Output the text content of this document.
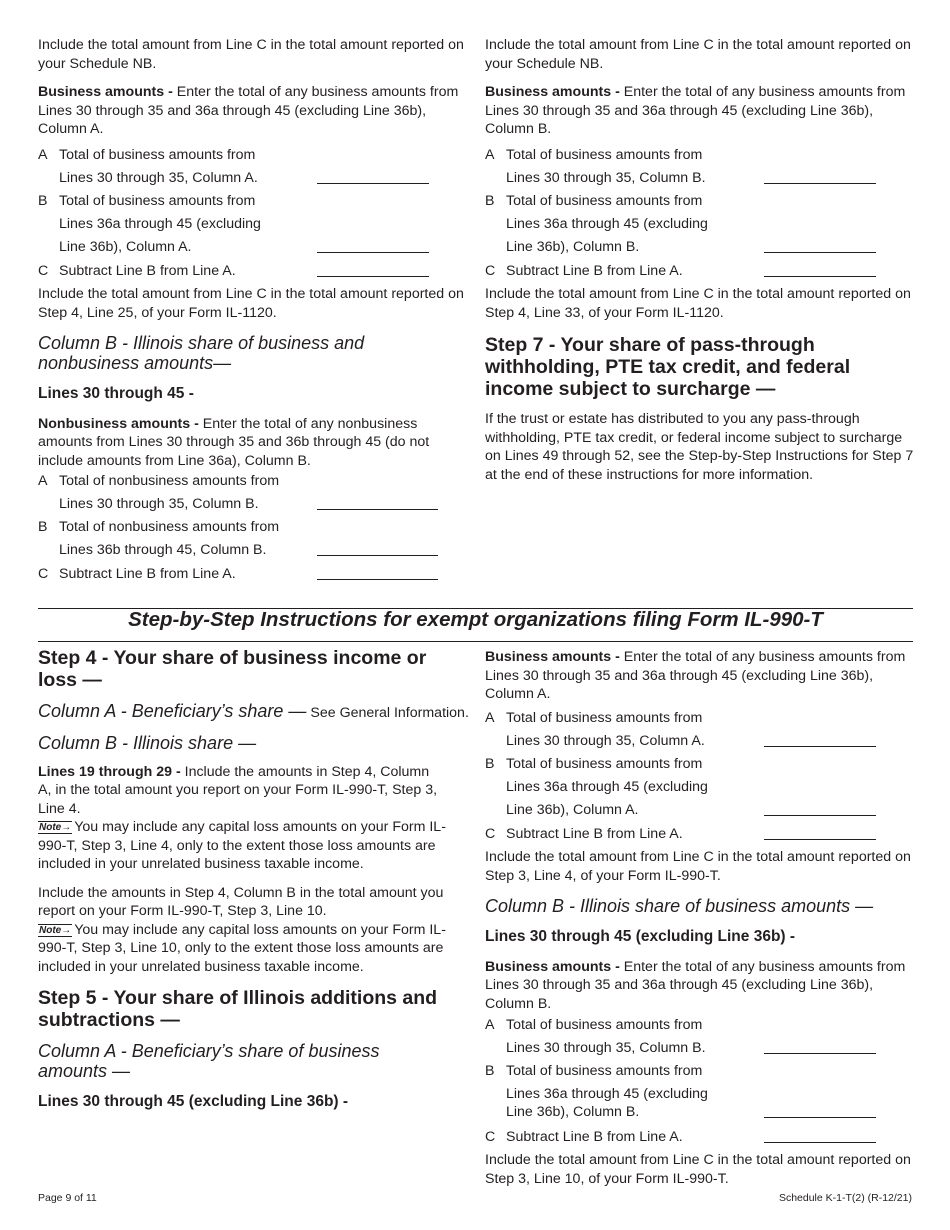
Include the total amount from Line C in the total amount reported on your Schedule NB.

Business amounts - Enter the total of any business amounts from Lines 30 through 35 and 36a through 45 (excluding Line 36b), Column A.

A Total of business amounts from
Lines 30 through 35, Column A.
B Total of business amounts from
Lines 36a through 45 (excluding
Line 36b), Column A.
C Subtract Line B from Line A.

Include the total amount from Line C in the total amount reported on Step 4, Line 25, of your Form IL-1120.

Column B - Illinois share of business and nonbusiness amounts—

Lines 30 through 45 -

Nonbusiness amounts - Enter the total of any nonbusiness amounts from Lines 30 through 35 and 36b through 45 (do not include amounts from Line 36a), Column B.

A Total of nonbusiness amounts from
Lines 30 through 35, Column B.
B Total of nonbusiness amounts from
Lines 36b through 45, Column B.
C Subtract Line B from Line A.

Include the total amount from Line C in the total amount reported on your Schedule NB.

Business amounts - Enter the total of any business amounts from Lines 30 through 35 and 36a through 45 (excluding Line 36b), Column B.

A Total of business amounts from
Lines 30 through 35, Column B.
B Total of business amounts from
Lines 36a through 45 (excluding
Line 36b), Column B.
C Subtract Line B from Line A.

Include the total amount from Line C in the total amount reported on Step 4, Line 33, of your Form IL-1120.

Step 7 - Your share of pass-through withholding, PTE tax credit, and federal income subject to surcharge —

If the trust or estate has distributed to you any pass-through withholding, PTE tax credit, or federal income subject to surcharge on Lines 49 through 52, see the Step-by-Step Instructions for Step 7 at the end of these instructions for more information.

Step-by-Step Instructions for exempt organizations filing Form IL-990-T

Step 4 - Your share of business income or loss —

Column A - Beneficiary’s share — See General Information.

Column B - Illinois share —

Lines 19 through 29 - Include the amounts in Step 4, Column A, in the total amount you report on your Form IL-990-T, Step 3, Line 4.

Note→ You may include any capital loss amounts on your Form IL-990-T, Step 3, Line 4, only to the extent those loss amounts are included in your unrelated business taxable income.

Include the amounts in Step 4, Column B in the total amount you report on your Form IL-990-T, Step 3, Line 10.

Note→ You may include any capital loss amounts on your Form IL-990-T, Step 3, Line 10, only to the extent those loss amounts are included in your unrelated business taxable income.

Step 5 - Your share of Illinois additions and subtractions —

Column A - Beneficiary’s share of business amounts —

Lines 30 through 45 (excluding Line 36b) -

Business amounts - Enter the total of any business amounts from Lines 30 through 35 and 36a through 45 (excluding Line 36b), Column A.

A Total of business amounts from
Lines 30 through 35, Column A.
B Total of business amounts from
Lines 36a through 45 (excluding
Line 36b), Column A.
C Subtract Line B from Line A.

Include the total amount from Line C in the total amount reported on Step 3, Line 4, of your Form IL-990-T.

Column B - Illinois share of business amounts —

Lines 30 through 45 (excluding Line 36b) -

Business amounts - Enter the total of any business amounts from Lines 30 through 35 and 36a through 45 (excluding Line 36b), Column B.

A Total of business amounts from
Lines 30 through 35, Column B.
B Total of business amounts from
Lines 36a through 45 (excluding
Line 36b), Column B.
C Subtract Line B from Line A.

Include the total amount from Line C in the total amount reported on Step 3, Line 10, of your Form IL-990-T.

Page 9 of 11	Schedule K-1-T(2) (R-12/21)
